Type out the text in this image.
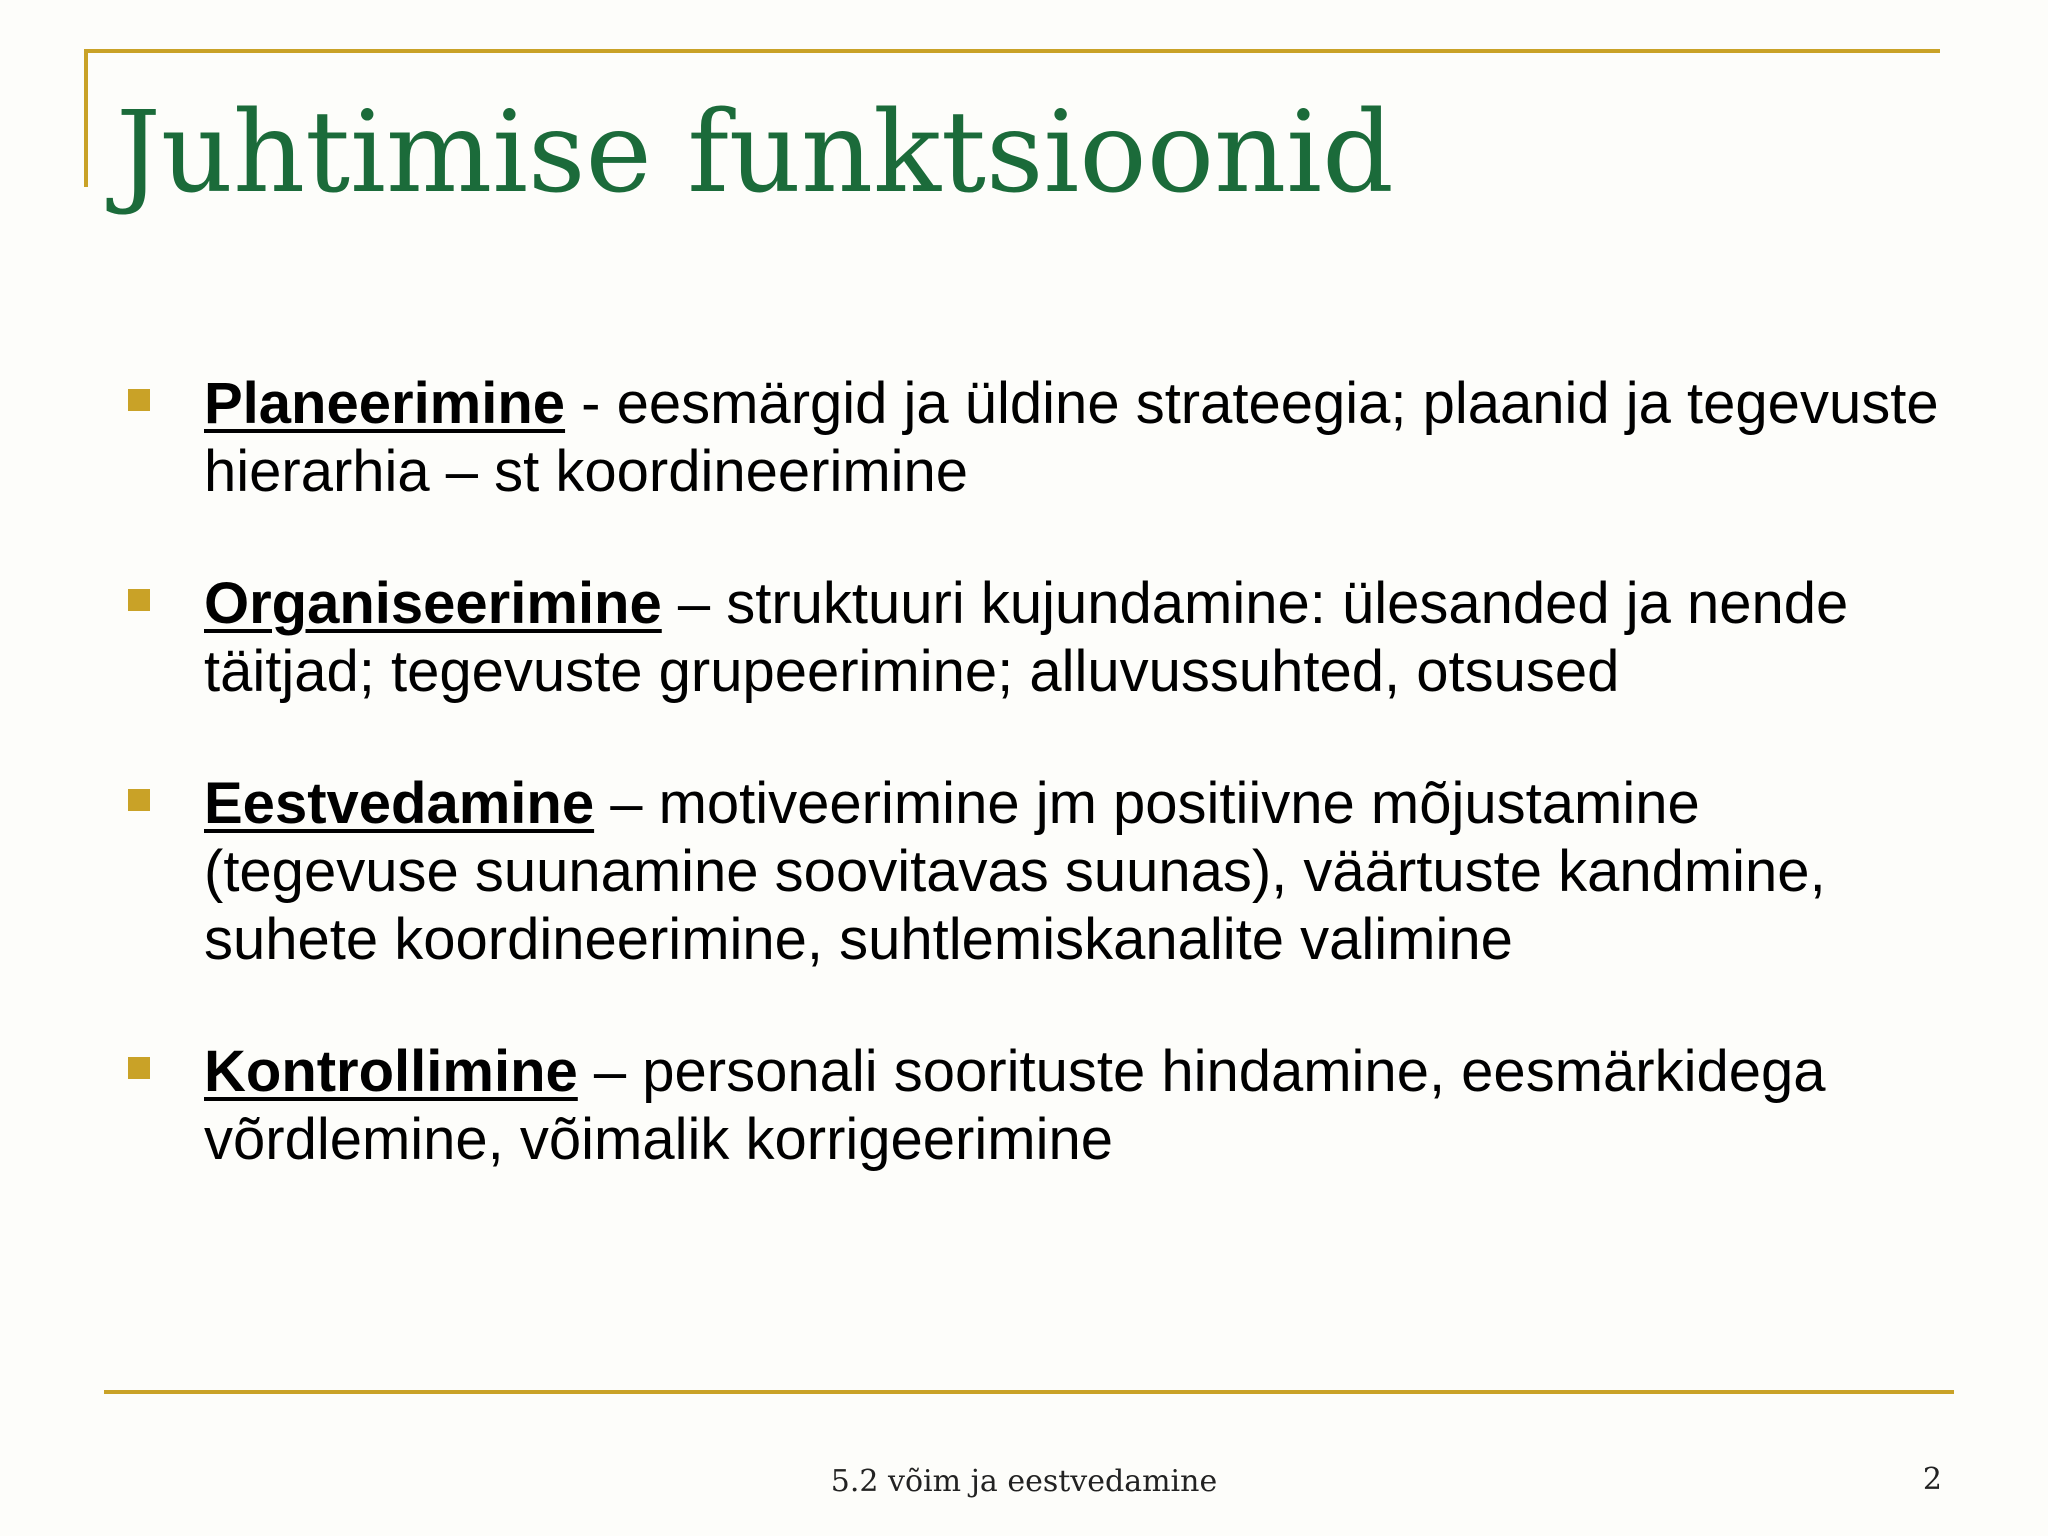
Juhtimise funktsioonid
Planeerimine - eesmärgid ja üldine strateegia; plaanid ja tegevuste hierarhia – st koordineerimine
Organiseerimine – struktuuri kujundamine: ülesanded ja nende täitjad; tegevuste grupeerimine; alluvussuhted, otsused
Eestvedamine – motiveerimine jm positiivne mõjustamine (tegevuse suunamine soovitavas suunas), väärtuste kandmine, suhete koordineerimine, suhtlemiskanalite valimine
Kontrollimine – personali soorituste hindamine, eesmärkidega võrdlemine, võimalik korrigeerimine
5.2 võim ja eestvedamine	2
